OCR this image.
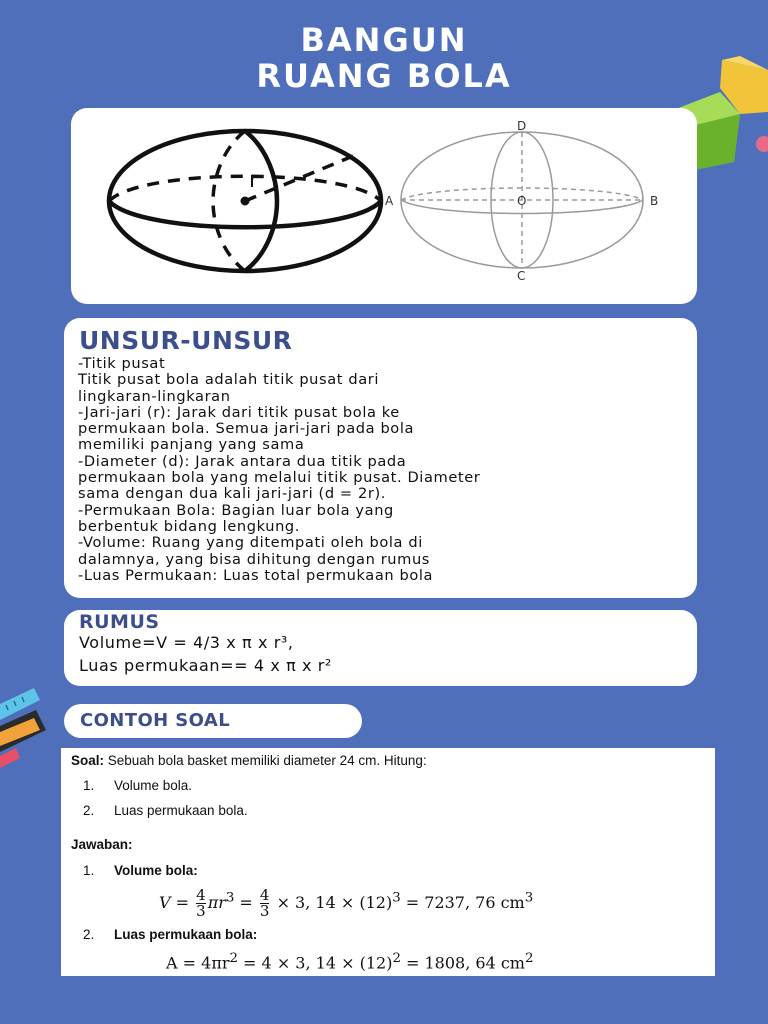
BANGUN
RUANG BOLA
r
D
C
A	B
O
UNSUR-UNSUR
-Titik pusat
Titik pusat bola adalah titik pusat dari
lingkaran-lingkaran
-Jari-jari (r): Jarak dari titik pusat bola ke
permukaan bola. Semua jari-jari pada bola
memiliki panjang yang sama
-Diameter (d): Jarak antara dua titik pada
permukaan bola yang melalui titik pusat. Diameter
sama dengan dua kali jari-jari (d = 2r).
-Permukaan Bola: Bagian luar bola yang
berbentuk bidang lengkung.
-Volume: Ruang yang ditempati oleh bola di
dalamnya, yang bisa dihitung dengan rumus
-Luas Permukaan: Luas total permukaan bola
RUMUS
Volume=V = 4/3 x π x r³,
Luas permukaan== 4 x π x r²
CONTOH SOAL
Soal: Sebuah bola basket memiliki diameter 24 cm. Hitung:
1. Volume bola.
2. Luas permukaan bola.
Jawaban:
1. Volume bola:
$V = \frac{4}{3} \pi r^3 = \frac{4}{3} \times 3$, $14 \times (12)^3 = 7237$, 76 $cm^3$
2. Luas permukaan bola:
$A = 4\pi r^2 = 4 \times 3$, $14 \times (12)^2 = 1808$, 64 $cm^2$
